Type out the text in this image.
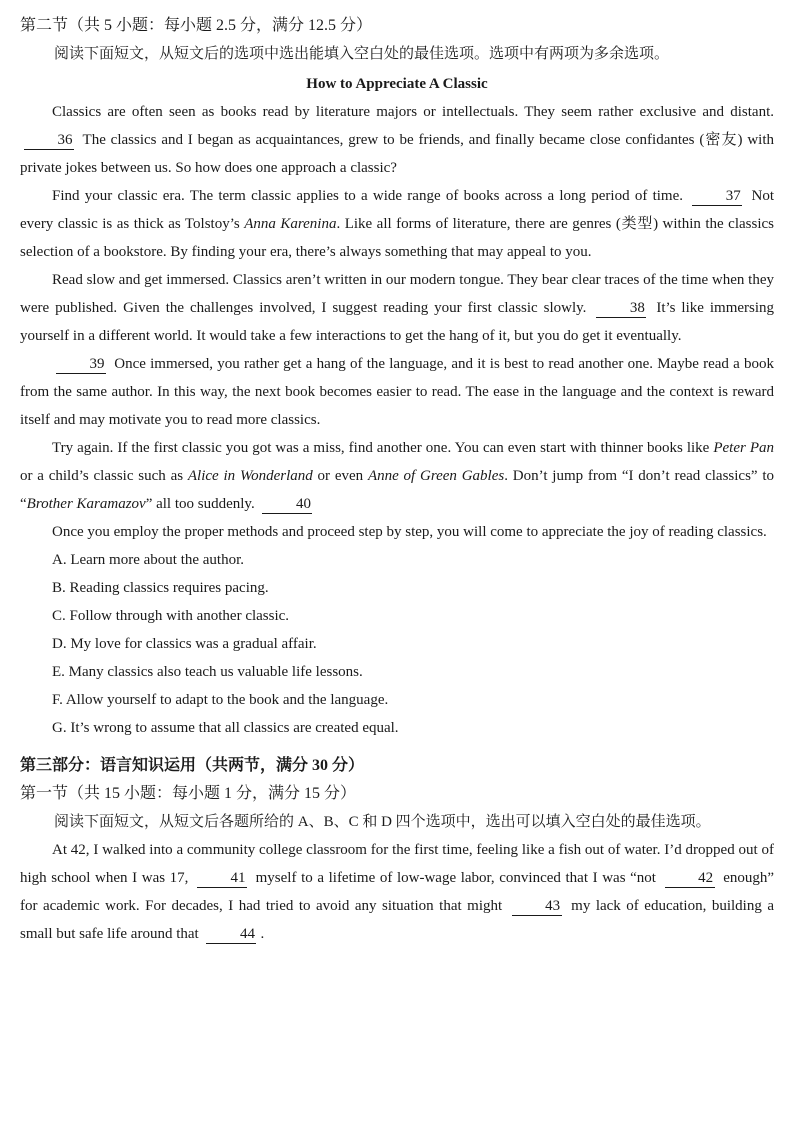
第二节（共 5 小题：每小题 2.5 分，满分 12.5 分）

阅读下面短文，从短文后的选项中选出能填入空白处的最佳选项。选项中有两项为多余选项。

How to Appreciate A Classic

Classics are often seen as books read by literature majors or intellectuals. They seem rather exclusive and distant. 36 The classics and I began as acquaintances, grew to be friends, and finally became close confidantes (密友) with private jokes between us. So how does one approach a classic?

Find your classic era. The term classic applies to a wide range of books across a long period of time.	37 Not every classic is as thick as Tolstoy’s Anna Karenina. Like all forms of literature, there are genres (类型) within the classics selection of a bookstore. By finding your era, there’s always something that may appeal to you.

Read slow and get immersed. Classics aren’t written in our modern tongue. They bear clear traces of the time when they were published. Given the challenges involved, I suggest reading your first classic slowly.	38 It’s like immersing yourself in a different world. It would take a few interactions to get the hang of it, but you do get it eventually.

39 Once immersed, you rather get a hang of the language, and it is best to read another one. Maybe read a book from the same author. In this way, the next book becomes easier to read. The ease in the language and the context is reward itself and may motivate you to read more classics.

Try again. If the first classic you got was a miss, find another one. You can even start with thinner books like Peter Pan or a child’s classic such as Alice in Wonderland or even Anne of Green Gables. Don’t jump from “I don’t read classics” to “Brother Karamazov” all too suddenly.	40

Once you employ the proper methods and proceed step by step, you will come to appreciate the joy of reading classics.

A. Learn more about the author.
B. Reading classics requires pacing.
C. Follow through with another classic.
D. My love for classics was a gradual affair.
E. Many classics also teach us valuable life lessons.
F. Allow yourself to adapt to the book and the language.
G. It’s wrong to assume that all classics are created equal.

第三部分：语言知识运用（共两节，满分 30 分）

第一节（共 15 小题：每小题 1 分，满分 15 分）

阅读下面短文，从短文后各题所给的 A、B、C 和 D 四个选项中，选出可以填入空白处的最佳选项。

At 42, I walked into a community college classroom for the first time, feeling like a fish out of water. I’d dropped out of high school when I was 17,	41 myself to a lifetime of low-wage labor, convinced that I was “not	42 enough” for academic work. For decades, I had tried to avoid any situation that might	43 my lack of education, building a small but safe life around that	44 .
